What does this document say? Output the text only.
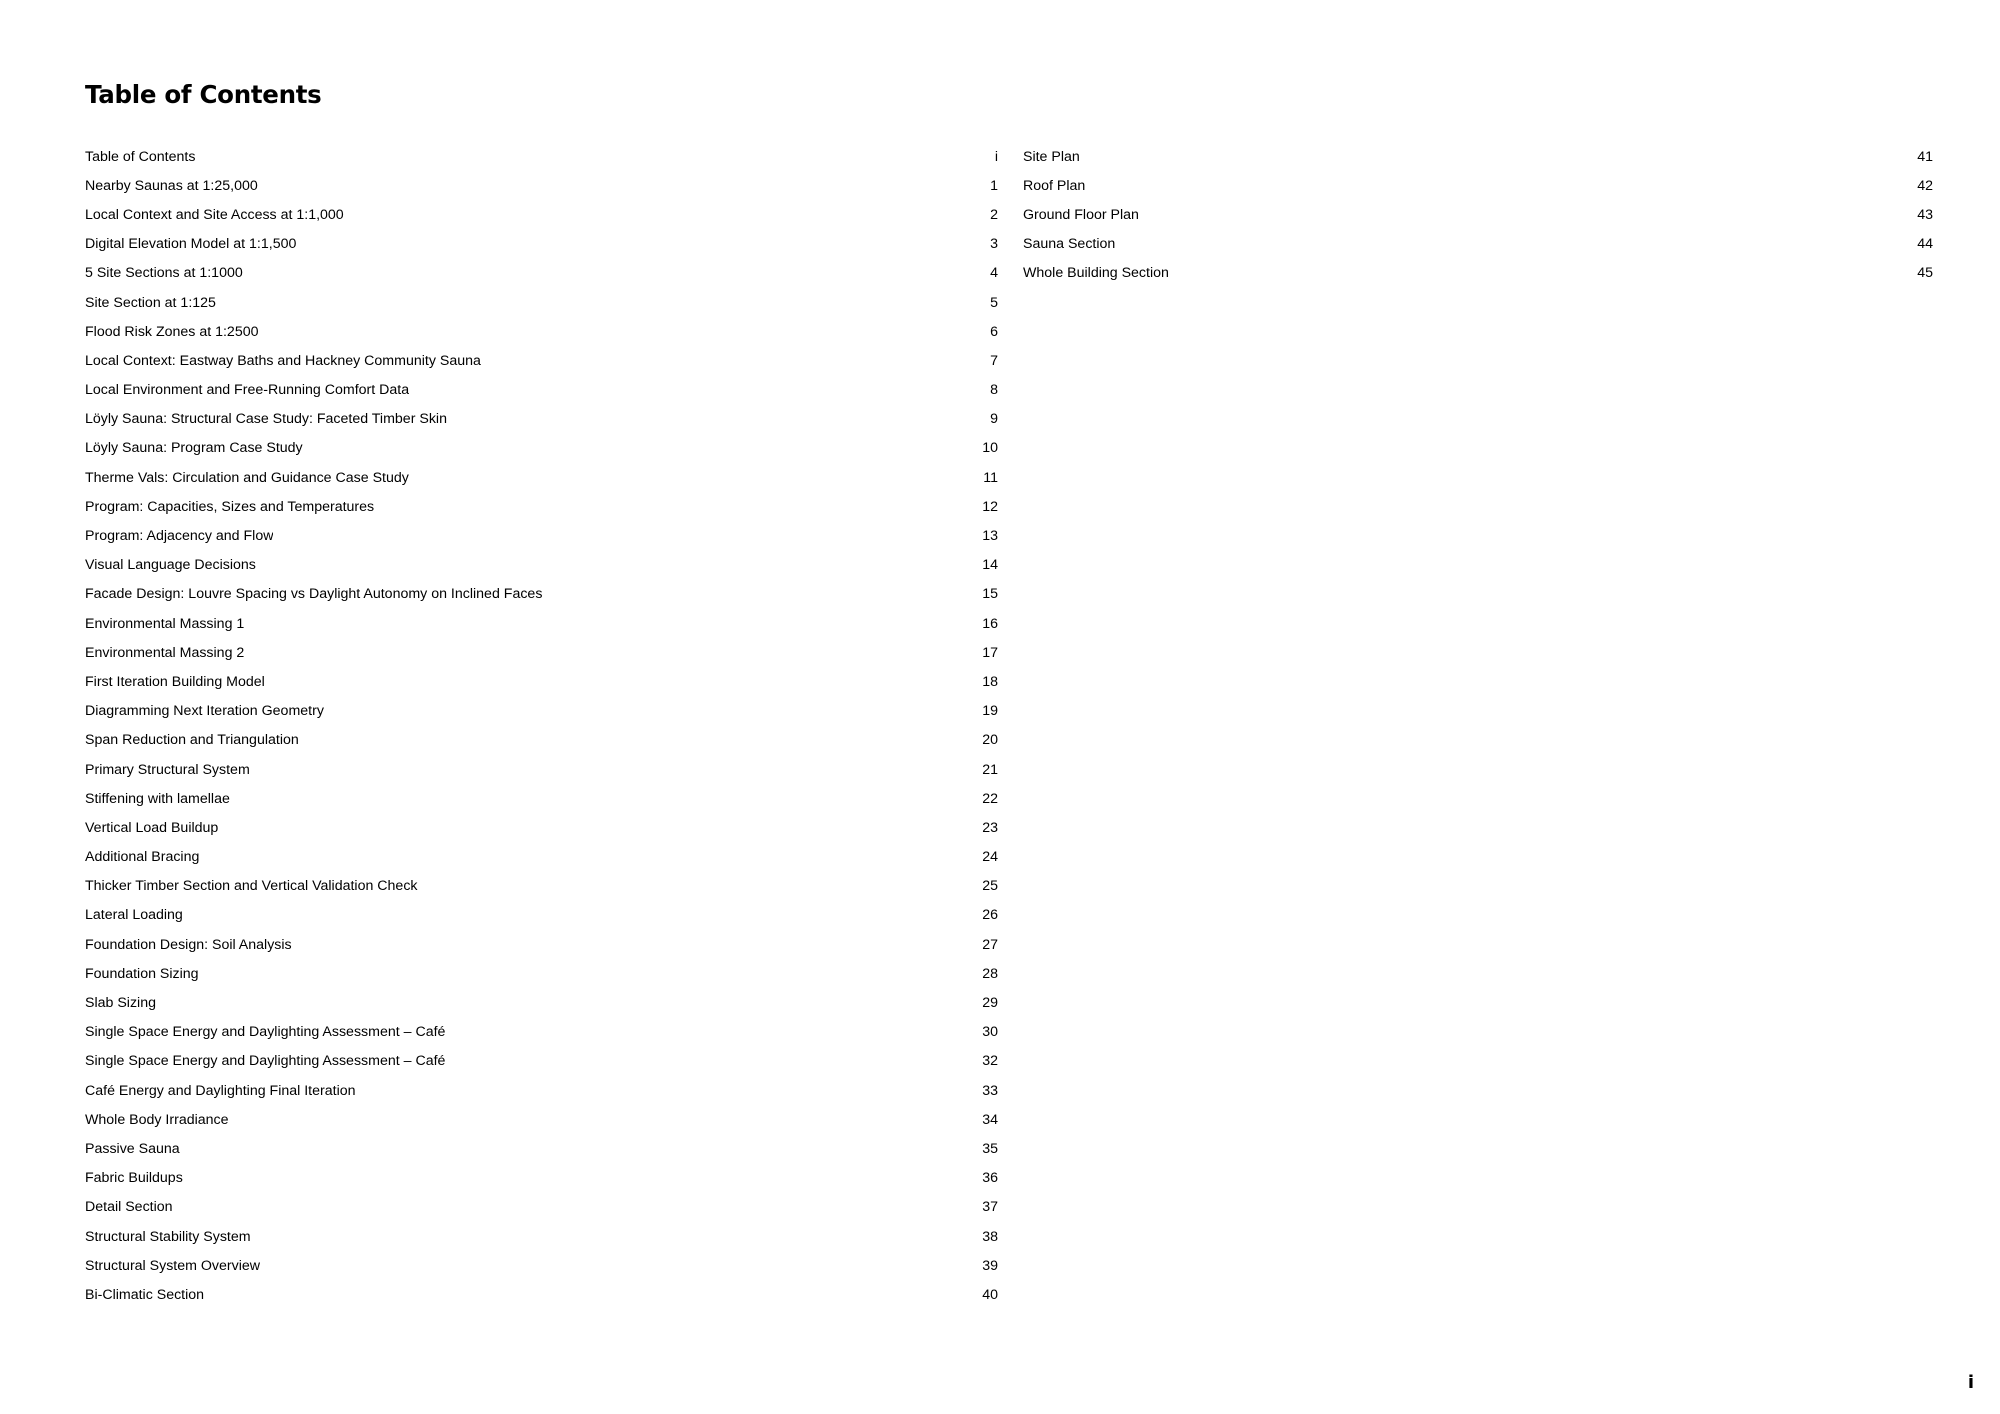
Table of Contents
Table of Contents	i
Nearby Saunas at 1:25,000	1
Local Context and Site Access at 1:1,000	2
Digital Elevation Model at 1:1,500	3
5 Site Sections at 1:1000	4
Site Section at 1:125	5
Flood Risk Zones at 1:2500	6
Local Context: Eastway Baths and Hackney Community Sauna	7
Local Environment and Free-Running Comfort Data	8
Löyly Sauna: Structural Case Study: Faceted Timber Skin	9
Löyly Sauna: Program Case Study	10
Therme Vals: Circulation and Guidance Case Study	11
Program: Capacities, Sizes and Temperatures	12
Program: Adjacency and Flow	13
Visual Language Decisions	14
Facade Design: Louvre Spacing vs Daylight Autonomy on Inclined Faces	15
Environmental Massing 1	16
Environmental Massing 2	17
First Iteration Building Model	18
Diagramming Next Iteration Geometry	19
Span Reduction and Triangulation	20
Primary Structural System	21
Stiffening with lamellae	22
Vertical Load Buildup	23
Additional Bracing	24
Thicker Timber Section and Vertical Validation Check	25
Lateral Loading	26
Foundation Design: Soil Analysis	27
Foundation Sizing	28
Slab Sizing	29
Single Space Energy and Daylighting Assessment – Café	30
Single Space Energy and Daylighting Assessment – Café	32
Café Energy and Daylighting Final Iteration	33
Whole Body Irradiance	34
Passive Sauna	35
Fabric Buildups	36
Detail Section	37
Structural Stability System	38
Structural System Overview	39
Bi-Climatic Section	40
Site Plan	41
Roof Plan	42
Ground Floor Plan	43
Sauna Section	44
Whole Building Section	45
i
